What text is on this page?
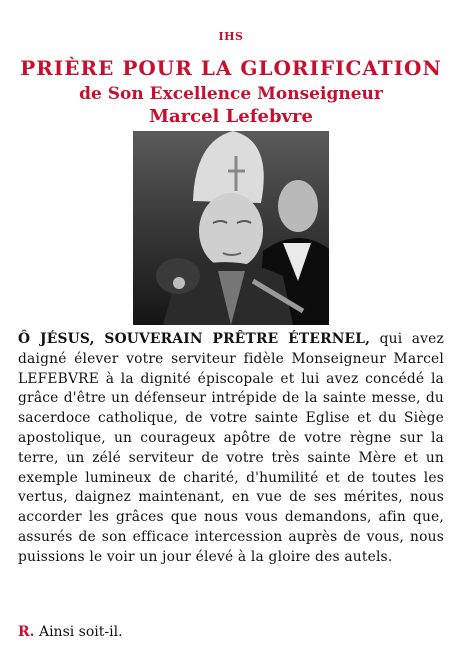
IHS
PRIÈRE POUR LA GLORIFICATION
de Son Excellence Monseigneur
Marcel Lefebvre
Ô JÉSUS, SOUVERAIN PRÊTRE ÉTERNEL, qui avez daigné élever votre serviteur fidèle Monseigneur Marcel LEFEBVRE à la dignité épiscopale et lui avez concédé la grâce d'être un défenseur intrépide de la sainte messe, du sacerdoce catholique, de votre sainte Eglise et du Siège apostolique, un courageux apôtre de votre règne sur la terre, un zélé serviteur de votre très sainte Mère et un exemple lumineux de charité, d'humilité et de toutes les vertus, daignez maintenant, en vue de ses mérites, nous accorder les grâces que nous vous demandons, afin que, assurés de son efficace intercession auprès de vous, nous puissions le voir un jour élevé à la gloire des autels.
R. Ainsi soit-il.
